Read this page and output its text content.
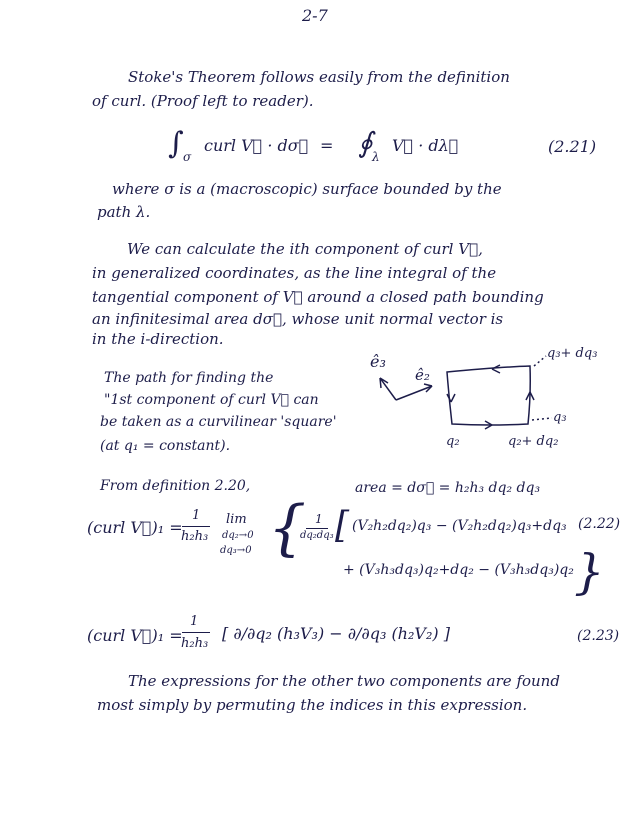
2-7
Stoke's Theorem follows easily from the definition
of curl. (Proof left to reader).
∫ σ
curl V⃗ · dσ⃗ = ∮ λ
V⃗ · dλ⃗	(2.21)
where σ is a (macroscopic) surface bounded by the
path λ.
We can calculate the ith component of curl V⃗,
in generalized coordinates, as the line integral of the
tangential component of V⃗ around a closed path bounding
an infinitesimal area dσ⃗, whose unit normal vector is
in the i-direction.
The path for finding the
"1st component of curl V⃗ can
be taken as a curvilinear 'square'
(at q₁ = constant).
ê₃
ê₂
q₃+ dq₃
q₃
q₂	q₂+ dq₂
From definition 2.20,	area = dσ⃗ = h₂h₃ dq₂ dq₃
(curl V⃗)₁ =
1
h₂h₃
lim
dq₂→0
dq₃→0 { 1
dq₂dq₃ [ (V₂h₂dq₂)q₃ − (V₂h₂dq₂)q₃+dq₃
+ (V₃h₃dq₃)q₂+dq₂ − (V₃h₃dq₃)q₂ }
(2.22)
(curl V⃗)₁ =
1
h₂h₃
[ ∂/∂q₂ (h₃V₃) − ∂/∂q₃ (h₂V₂) ]	(2.23)
The expressions for the other two components are found
most simply by permuting the indices in this expression.
